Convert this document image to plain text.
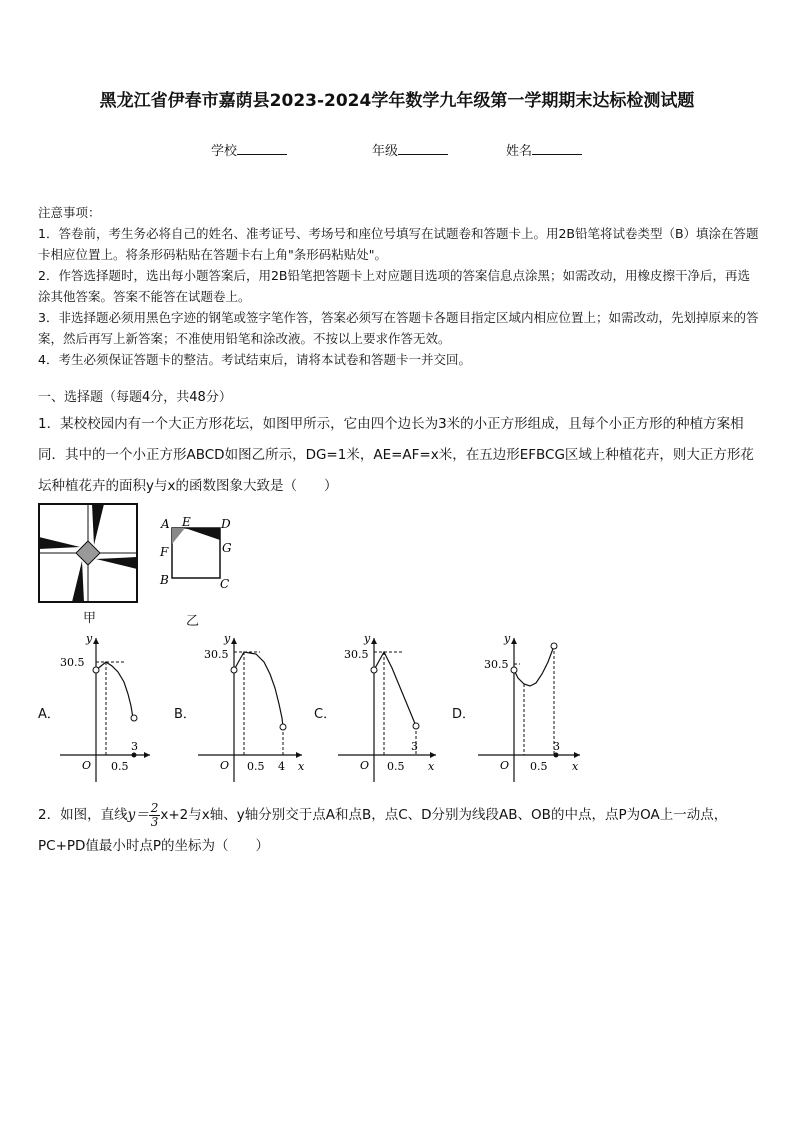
黑龙江省伊春市嘉荫县2023-2024学年数学九年级第一学期期末达标检测试题
学校	年级	姓名

注意事项：

1．答卷前，考生务必将自己的姓名、准考证号、考场号和座位号填写在试题卷和答题卡上。用2B铅笔将试卷类型（B）填涂在答题卡相应位置上。将条形码粘贴在答题卡右上角"条形码粘贴处"。

2．作答选择题时，选出每小题答案后，用2B铅笔把答题卡上对应题目选项的答案信息点涂黑；如需改动，用橡皮擦干净后，再选涂其他答案。答案不能答在试题卷上。

3．非选择题必须用黑色字迹的钢笔或签字笔作答，答案必须写在答题卡各题目指定区域内相应位置上；如需改动，先划掉原来的答案，然后再写上新答案；不准使用铅笔和涂改液。不按以上要求作答无效。

4．考生必须保证答题卡的整洁。考试结束后，请将本试卷和答题卡一并交回。

一、选择题（每题4分，共48分）

1．某校校园内有一个大正方形花坛，如图甲所示，它由四个边长为3米的小正方形组成，且每个小正方形的种植方案相同．其中的一个小正方形ABCD如图乙所示，DG=1米，AE=AF=x米，在五边形EFBCG区域上种植花卉，则大正方形花坛种植花卉的面积y与x的函数图象大致是（　　）

甲
A E	D
F	G
B	C
乙
A．
30.5
0.5
3
O
y
B．
30.5
0.5 4
O
y
x
C．
30.5
0.5
3
O
y
x
D．
30.5
0.5
3
O
y
x

2．如图，直线$y= \frac{2}{3} x+2$与x轴、y轴分别交于点A和点B，点C、D分别为线段AB、OB的中点，点P为OA上一动点，PC+PD值最小时点P的坐标为（　　）
